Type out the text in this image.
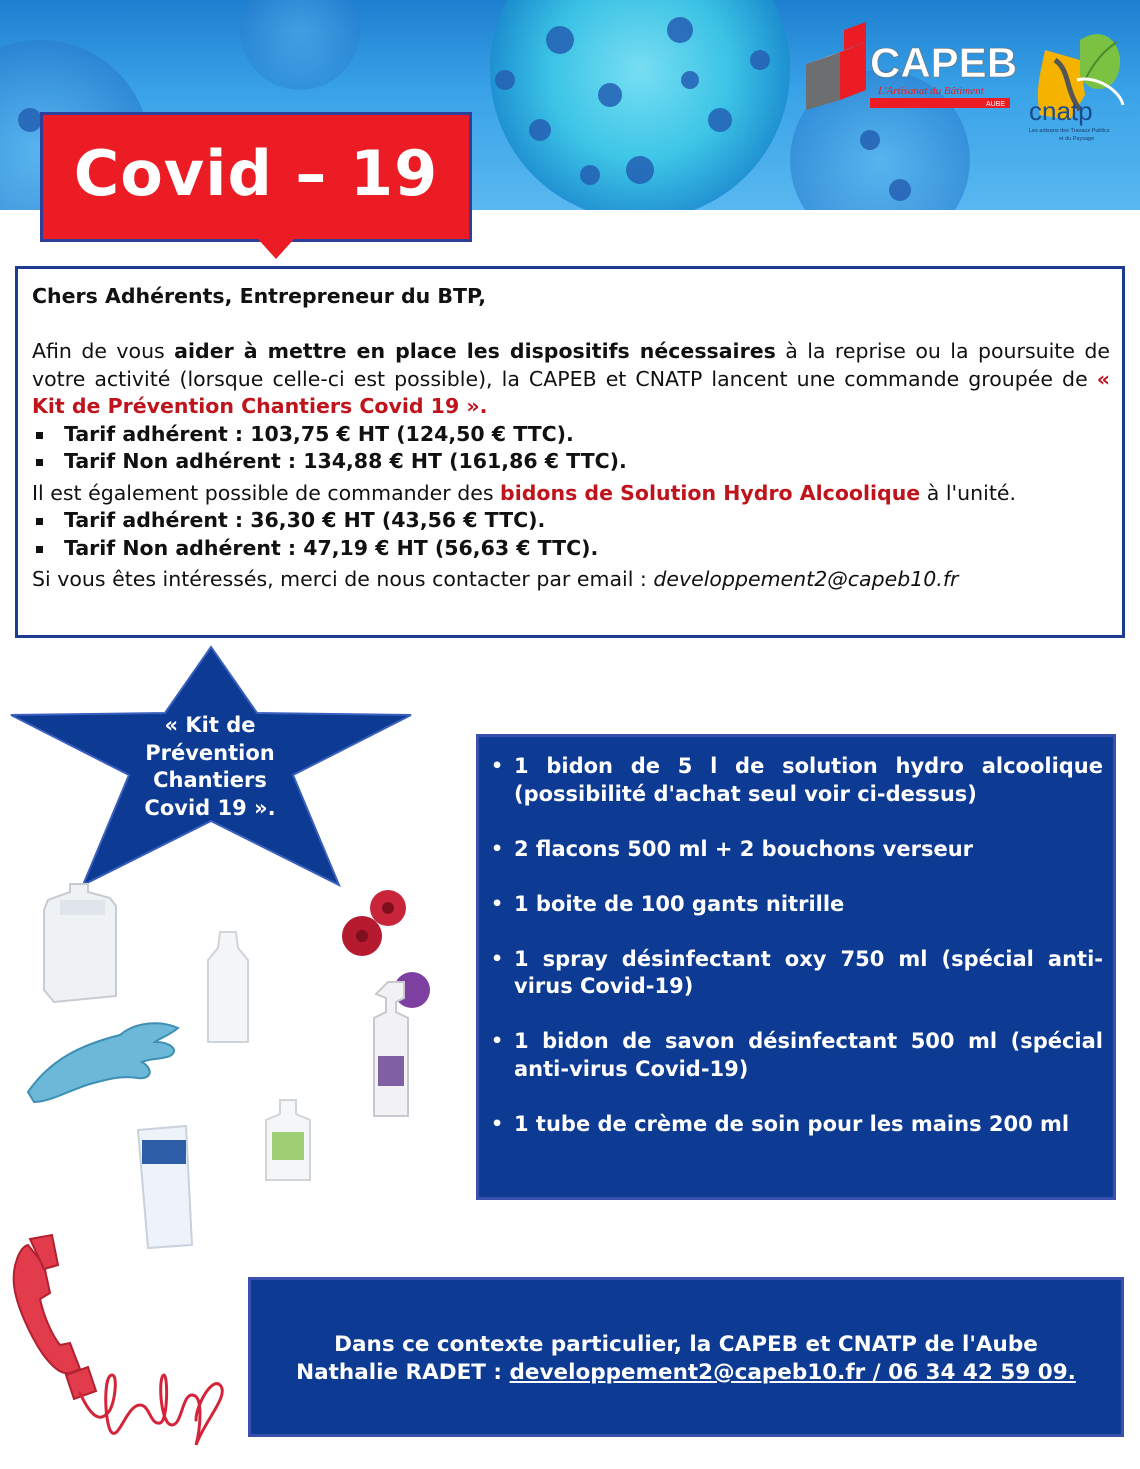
CAPEB
L'Artisanat du Bâtiment
AUBE cnatp
Les artisans des Travaux Publics
et du Paysage
Covid – 19

Chers Adhérents, Entrepreneur du BTP,

Afin de vous aider à mettre en place les dispositifs nécessaires à la reprise ou la poursuite de votre activité (lorsque celle-ci est possible), la CAPEB et CNATP lancent une commande groupée de « Kit de Prévention Chantiers Covid 19 ».

Tarif adhérent : 103,75 € HT (124,50 € TTC).
Tarif Non adhérent : 134,88 € HT (161,86 € TTC).

Il est également possible de commander des bidons de Solution Hydro Alcoolique à l'unité.

Tarif adhérent : 36,30 € HT (43,56 € TTC).
Tarif Non adhérent : 47,19 € HT (56,63 € TTC).

Si vous êtes intéressés, merci de nous contacter par email : developpement2@capeb10.fr

« Kit de
Prévention
Chantiers
Covid 19 ».
• 1 bidon de 5 l de solution hydro alcoolique (possibilité d'achat seul voir ci-dessus)
• 2 flacons 500 ml + 2 bouchons verseur
• 1 boite de 100 gants nitrille
• 1 spray désinfectant oxy 750 ml (spécial anti-virus Covid-19)
• 1 bidon de savon désinfectant 500 ml (spécial anti-virus Covid-19)
• 1 tube de crème de soin pour les mains 200 ml
help
Dans ce contexte particulier, la CAPEB et CNATP de l'Aube
Nathalie RADET : developpement2@capeb10.fr / 06 34 42 59 09.
